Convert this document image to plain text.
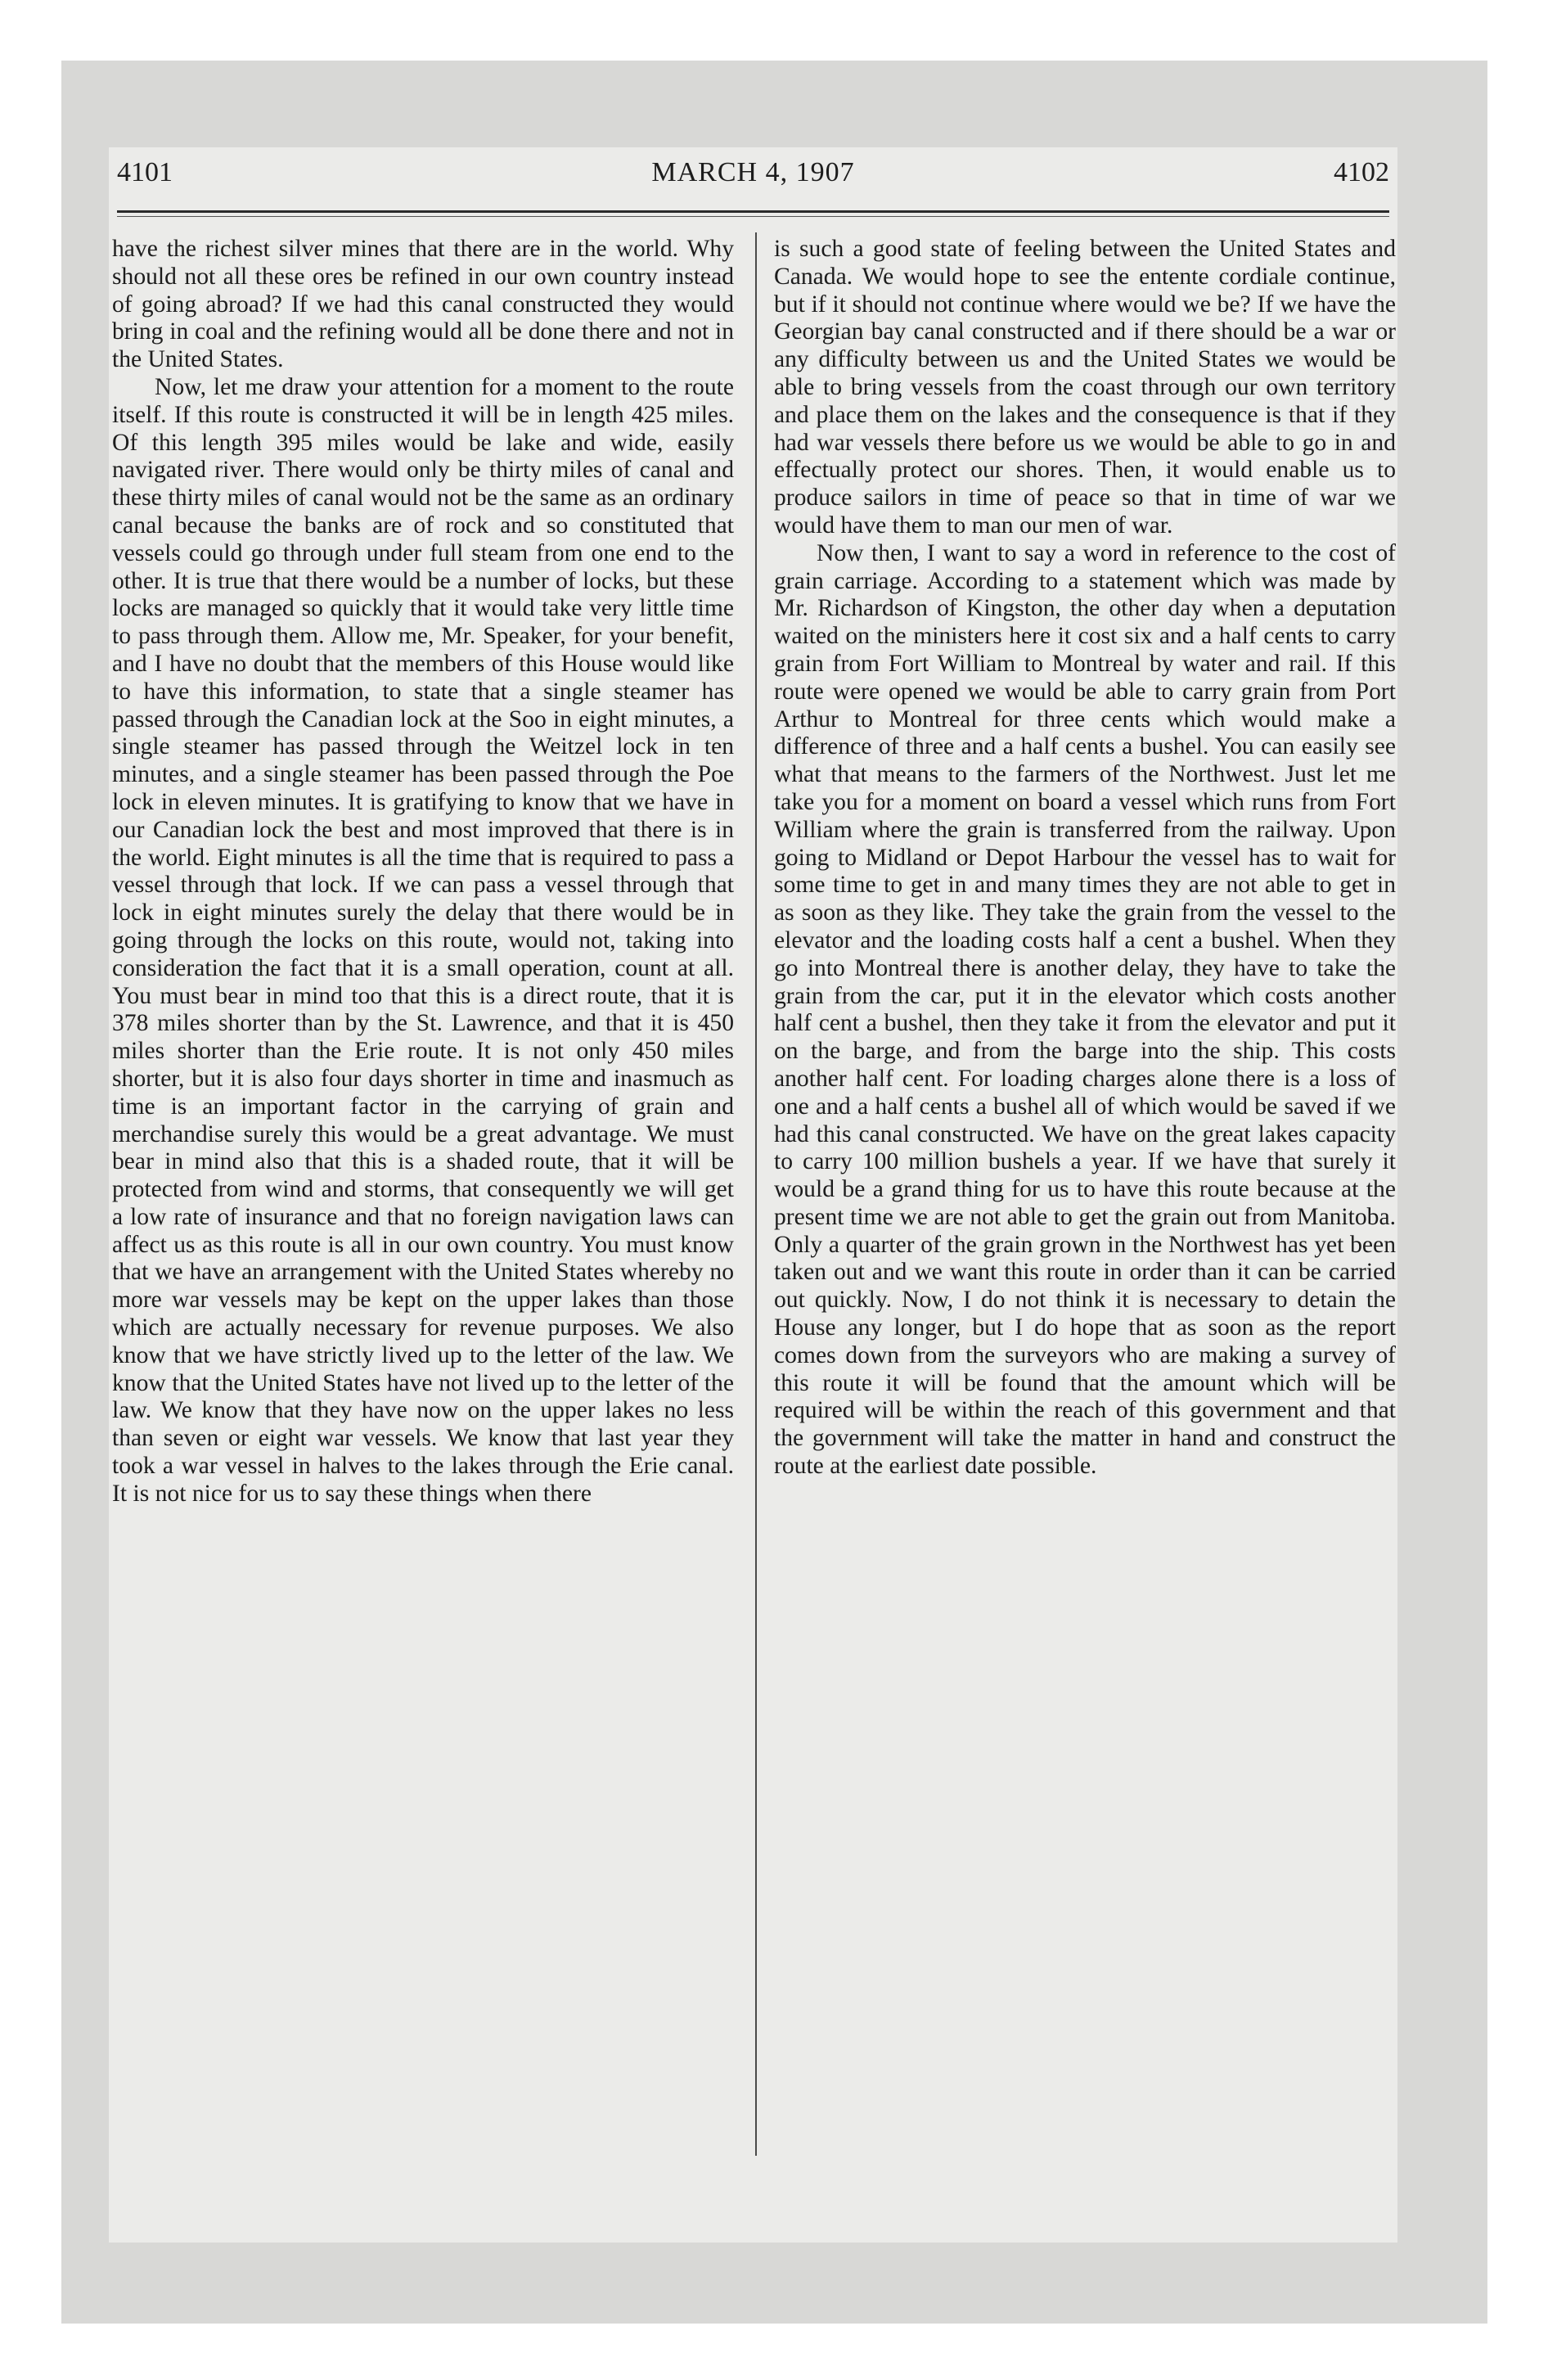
4101	MARCH 4, 1907	4102

have the richest silver mines that there are in the world. Why should not all these ores be refined in our own country instead of going abroad? If we had this canal constructed they would bring in coal and the refining would all be done there and not in the United States.

Now, let me draw your attention for a moment to the route itself. If this route is constructed it will be in length 425 miles. Of this length 395 miles would be lake and wide, easily navigated river. There would only be thirty miles of canal and these thirty miles of canal would not be the same as an ordinary canal because the banks are of rock and so constituted that vessels could go through under full steam from one end to the other. It is true that there would be a number of locks, but these locks are managed so quickly that it would take very little time to pass through them. Allow me, Mr. Speaker, for your benefit, and I have no doubt that the members of this House would like to have this information, to state that a single steamer has passed through the Canadian lock at the Soo in eight minutes, a single steamer has passed through the Weitzel lock in ten minutes, and a single steamer has been passed through the Poe lock in eleven minutes. It is gratifying to know that we have in our Canadian lock the best and most improved that there is in the world. Eight minutes is all the time that is required to pass a vessel through that lock. If we can pass a vessel through that lock in eight minutes surely the delay that there would be in going through the locks on this route, would not, taking into consideration the fact that it is a small operation, count at all. You must bear in mind too that this is a direct route, that it is 378 miles shorter than by the St. Lawrence, and that it is 450 miles shorter than the Erie route. It is not only 450 miles shorter, but it is also four days shorter in time and inasmuch as time is an important factor in the carrying of grain and merchandise surely this would be a great advantage. We must bear in mind also that this is a shaded route, that it will be protected from wind and storms, that consequently we will get a low rate of insurance and that no foreign navigation laws can affect us as this route is all in our own country. You must know that we have an arrangement with the United States whereby no more war vessels may be kept on the upper lakes than those which are actually necessary for revenue purposes. We also know that we have strictly lived up to the letter of the law. We know that the United States have not lived up to the letter of the law. We know that they have now on the upper lakes no less than seven or eight war vessels. We know that last year they took a war vessel in halves to the lakes through the Erie canal. It is not nice for us to say these things when there

is such a good state of feeling between the United States and Canada. We would hope to see the entente cordiale continue, but if it should not continue where would we be? If we have the Georgian bay canal constructed and if there should be a war or any difficulty between us and the United States we would be able to bring vessels from the coast through our own territory and place them on the lakes and the consequence is that if they had war vessels there before us we would be able to go in and effectually protect our shores. Then, it would enable us to produce sailors in time of peace so that in time of war we would have them to man our men of war.

Now then, I want to say a word in reference to the cost of grain carriage. According to a statement which was made by Mr. Richardson of Kingston, the other day when a deputation waited on the ministers here it cost six and a half cents to carry grain from Fort William to Montreal by water and rail. If this route were opened we would be able to carry grain from Port Arthur to Montreal for three cents which would make a difference of three and a half cents a bushel. You can easily see what that means to the farmers of the Northwest. Just let me take you for a moment on board a vessel which runs from Fort William where the grain is transferred from the railway. Upon going to Midland or Depot Harbour the vessel has to wait for some time to get in and many times they are not able to get in as soon as they like. They take the grain from the vessel to the elevator and the loading costs half a cent a bushel. When they go into Montreal there is another delay, they have to take the grain from the car, put it in the elevator which costs another half cent a bushel, then they take it from the elevator and put it on the barge, and from the barge into the ship. This costs another half cent. For loading charges alone there is a loss of one and a half cents a bushel all of which would be saved if we had this canal constructed. We have on the great lakes capacity to carry 100 million bushels a year. If we have that surely it would be a grand thing for us to have this route because at the present time we are not able to get the grain out from Manitoba. Only a quarter of the grain grown in the Northwest has yet been taken out and we want this route in order than it can be carried out quickly. Now, I do not think it is necessary to detain the House any longer, but I do hope that as soon as the report comes down from the surveyors who are making a survey of this route it will be found that the amount which will be required will be within the reach of this government and that the government will take the matter in hand and construct the route at the earliest date possible.
